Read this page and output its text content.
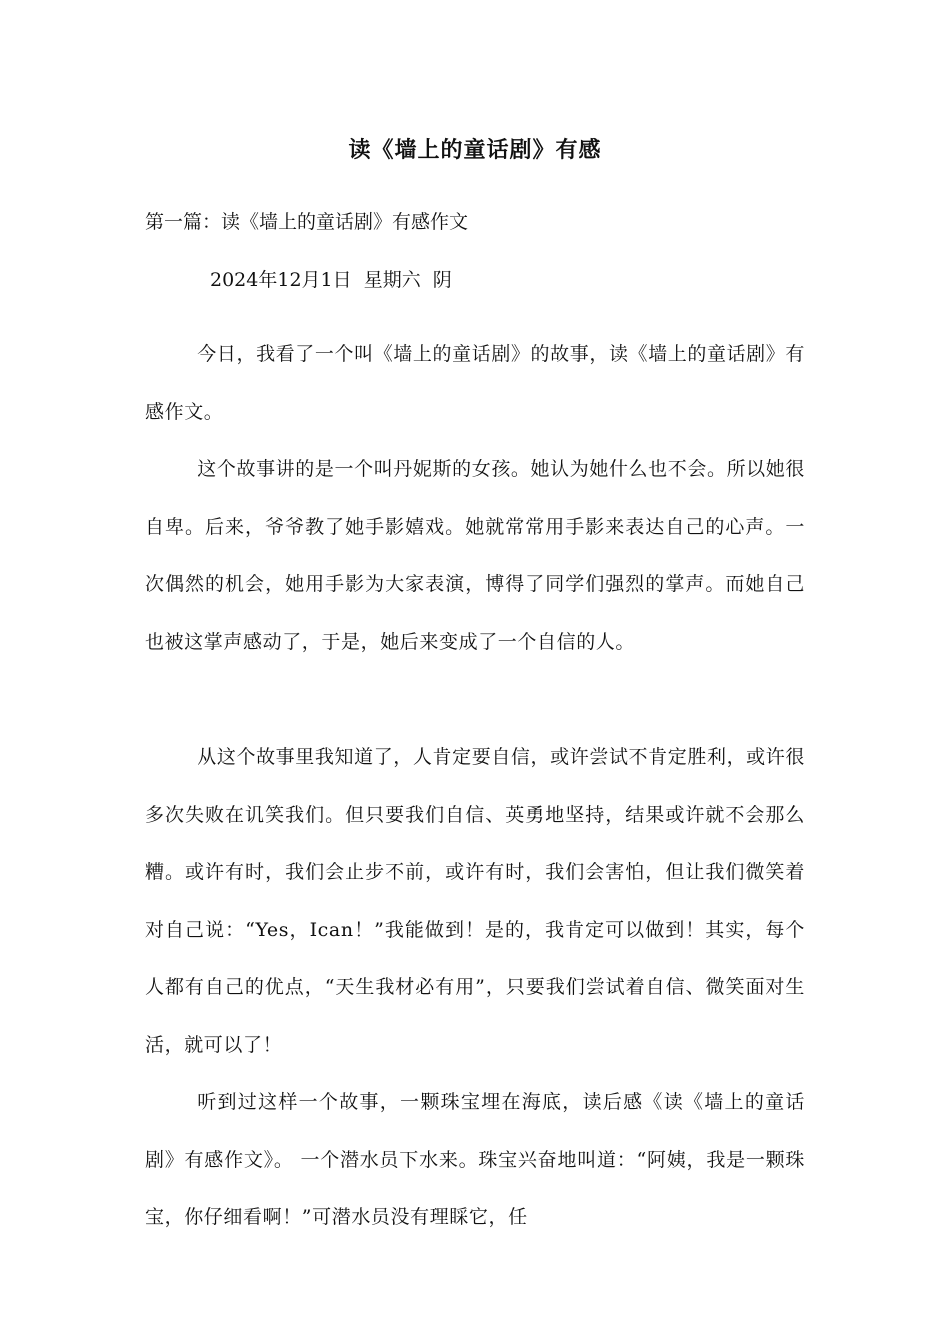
读《墙上的童话剧》有感
第一篇：读《墙上的童话剧》有感作文
2024年12月1日  星期六  阴

今日，我看了一个叫《墙上的童话剧》的故事，读《墙上的童话剧》有感作文。

这个故事讲的是一个叫丹妮斯的女孩。她认为她什么也不会。所以她很自卑。后来，爷爷教了她手影嬉戏。她就常常用手影来表达自己的心声。一次偶然的机会，她用手影为大家表演，博得了同学们强烈的掌声。而她自己也被这掌声感动了，于是，她后来变成了一个自信的人。

从这个故事里我知道了，人肯定要自信，或许尝试不肯定胜利，或许很多次失败在讥笑我们。但只要我们自信、英勇地坚持，结果或许就不会那么糟。或许有时，我们会止步不前，或许有时，我们会害怕，但让我们微笑着对自己说：“Yes，Ican！”我能做到！是的，我肯定可以做到！其实，每个人都有自己的优点，“天生我材必有用”，只要我们尝试着自信、微笑面对生活，就可以了！

听到过这样一个故事，一颗珠宝埋在海底，读后感《读《墙上的童话剧》有感作文》。 一个潜水员下水来。珠宝兴奋地叫道：“阿姨，我是一颗珠宝，你仔细看啊！”可潜水员没有理睬它，任
